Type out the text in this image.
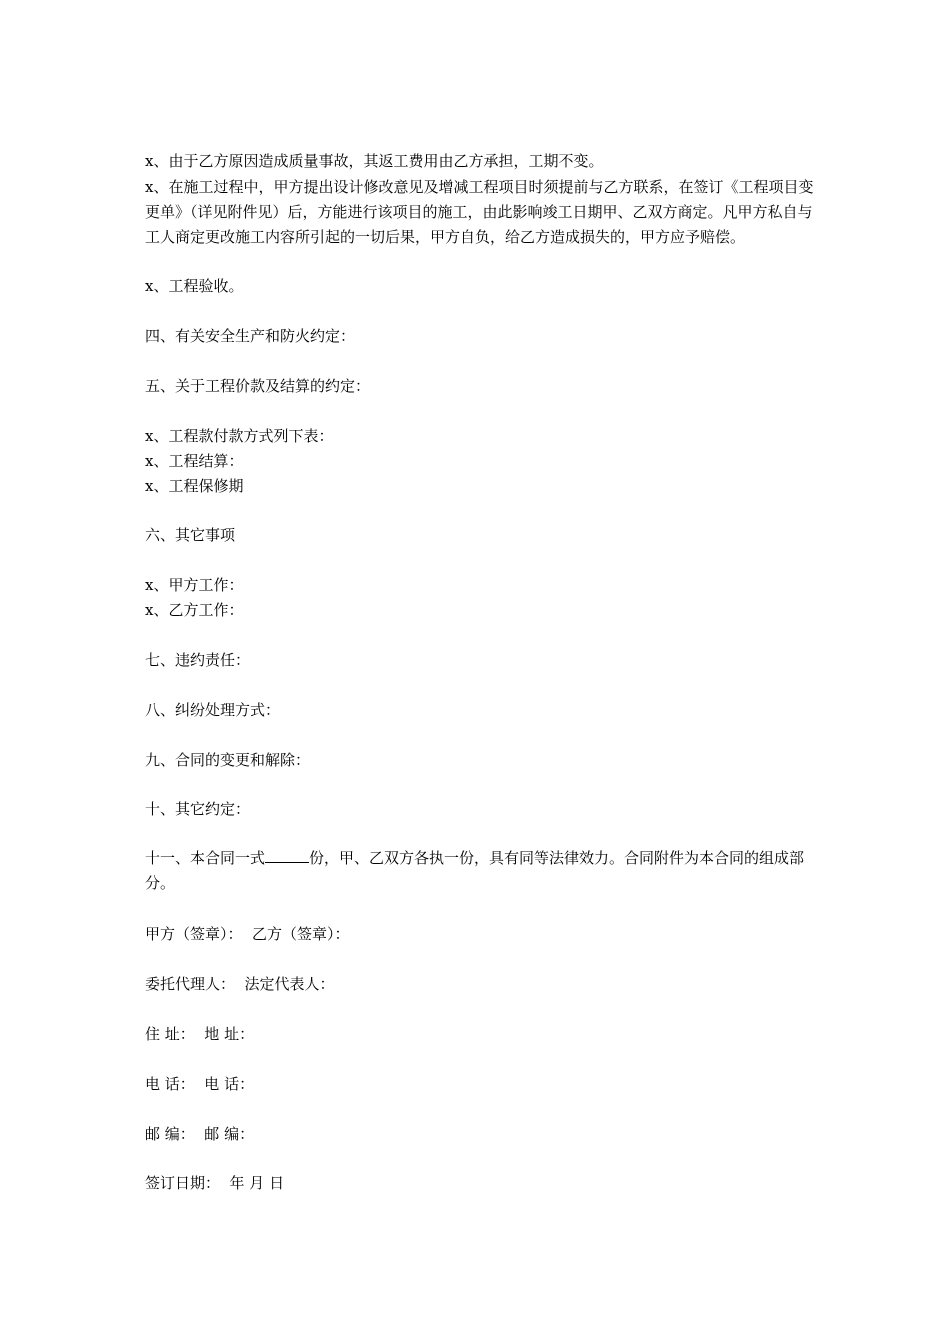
x、由于乙方原因造成质量事故，其返工费用由乙方承担，工期不变。
x、在施工过程中，甲方提出设计修改意见及增减工程项目时须提前与乙方联系，在签订《工程项目变更单》（详见附件见）后，方能进行该项目的施工，由此影响竣工日期甲、乙双方商定。凡甲方私自与工人商定更改施工内容所引起的一切后果，甲方自负，给乙方造成损失的，甲方应予赔偿。
x、工程验收。
四、有关安全生产和防火约定：
五、关于工程价款及结算的约定：
x、工程款付款方式列下表：
x、工程结算：
x、工程保修期
六、其它事项
x、甲方工作：
x、乙方工作：
七、违约责任：
八、纠纷处理方式：
九、合同的变更和解除：
十、其它约定：
十一、本合同一式	份，甲、乙双方各执一份，具有同等法律效力。合同附件为本合同的组成部分。
甲方（签章）：  乙方（签章）：
委托代理人：  法定代表人：
住 址：  地 址：
电 话：  电 话：
邮 编：  邮 编：
签订日期：  年 月 日
